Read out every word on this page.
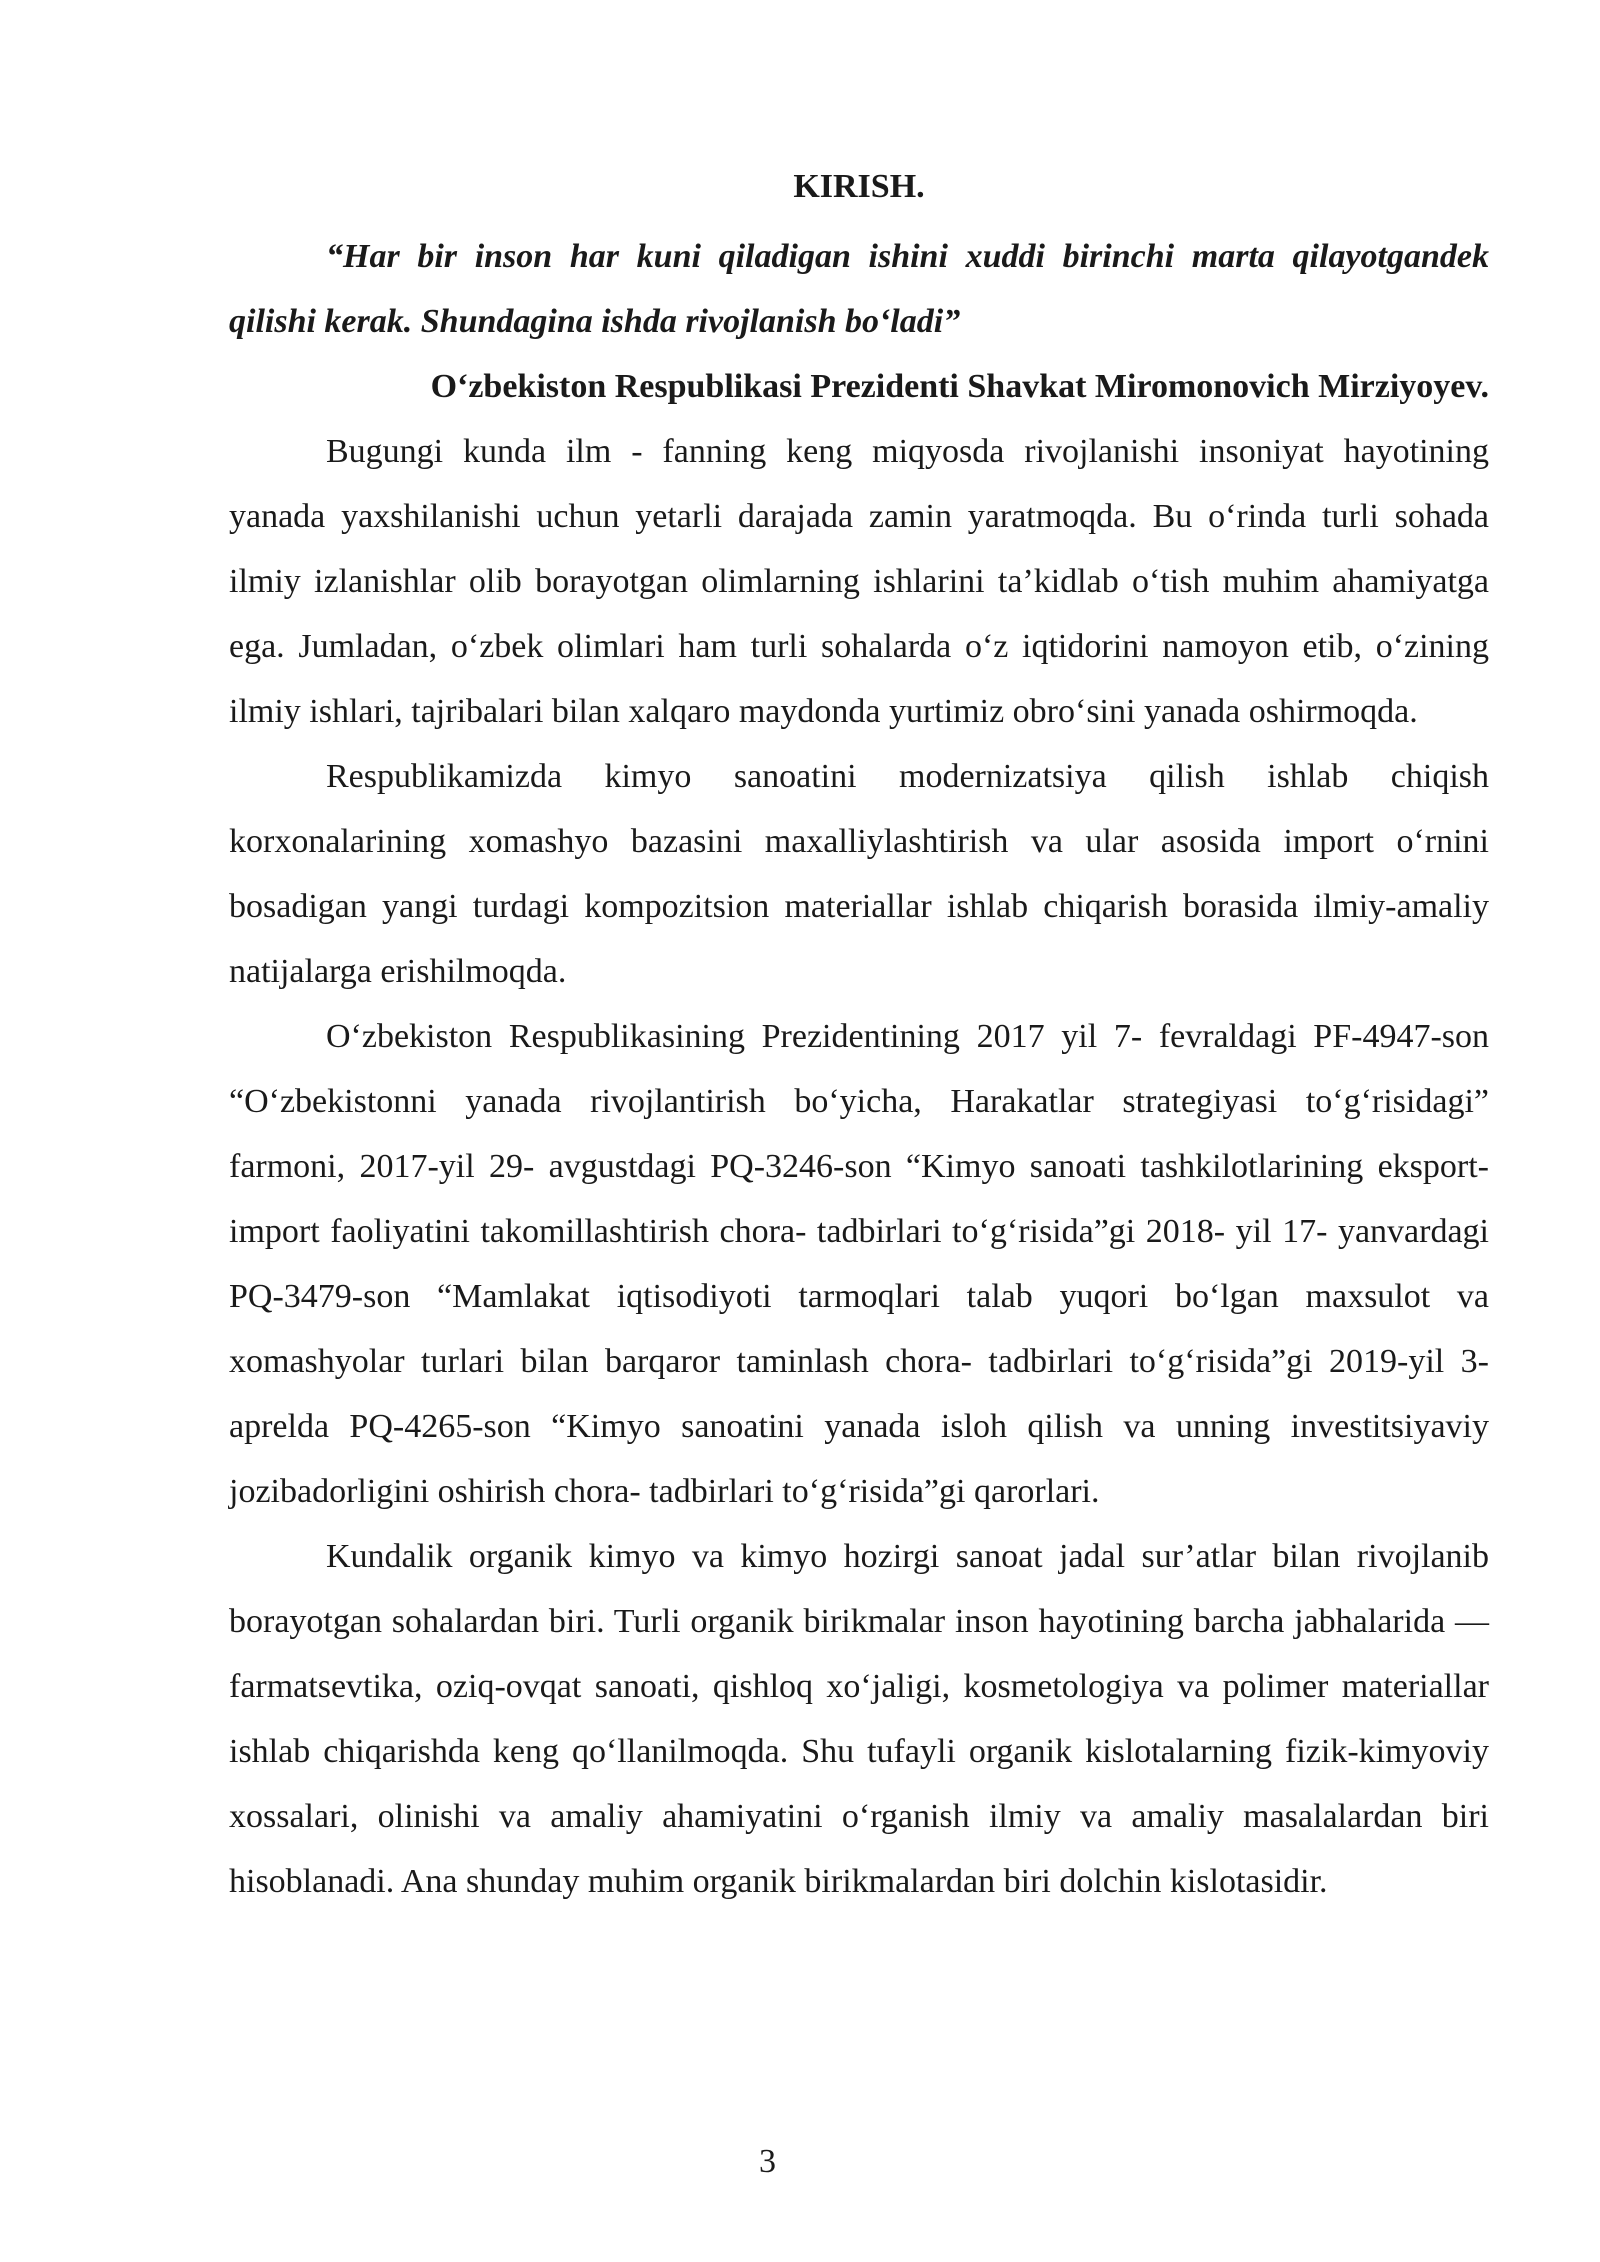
KIRISH.

“Har bir inson har kuni qiladigan ishini xuddi birinchi marta qilayotgandek qilishi kerak. Shundagina ishda rivojlanish bo‘ladi”

O‘zbekiston Respublikasi Prezidenti Shavkat Miromonovich Mirziyoyev.

Bugungi kunda ilm - fanning keng miqyosda rivojlanishi insoniyat hayotining yanada yaxshilanishi uchun yetarli darajada zamin yaratmoqda. Bu o‘rinda turli sohada ilmiy izlanishlar olib borayotgan olimlarning ishlarini ta’kidlab o‘tish muhim ahamiyatga ega. Jumladan, o‘zbek olimlari ham turli sohalarda o‘z iqtidorini namoyon etib, o‘zining ilmiy ishlari, tajribalari bilan xalqaro maydonda yurtimiz obro‘sini yanada oshirmoqda.

Respublikamizda kimyo sanoatini modernizatsiya qilish ishlab chiqish korxonalarining xomashyo bazasini maxalliylashtirish va ular asosida import o‘rnini bosadigan yangi turdagi kompozitsion materiallar ishlab chiqarish borasida ilmiy-amaliy natijalarga erishilmoqda.

O‘zbekiston Respublikasining Prezidentining 2017 yil 7- fevraldagi PF-4947-son “O‘zbekistonni yanada rivojlantirish bo‘yicha, Harakatlar strategiyasi to‘g‘risidagi” farmoni, 2017-yil 29- avgustdagi PQ-3246-son “Kimyo sanoati tashkilotlarining eksport-import faoliyatini takomillashtirish chora- tadbirlari to‘g‘risida”gi 2018- yil 17- yanvardagi PQ-3479-son “Mamlakat iqtisodiyoti tarmoqlari talab yuqori bo‘lgan maxsulot va xomashyolar turlari bilan barqaror taminlash chora- tadbirlari to‘g‘risida”gi 2019-yil 3-aprelda PQ-4265-son “Kimyo sanoatini yanada isloh qilish va unning investitsiyaviy jozibadorligini oshirish chora- tadbirlari to‘g‘risida”gi qarorlari.

Kundalik organik kimyo va kimyo hozirgi sanoat jadal sur’atlar bilan rivojlanib borayotgan sohalardan biri. Turli organik birikmalar inson hayotining barcha jabhalarida — farmatsevtika, oziq-ovqat sanoati, qishloq xo‘jaligi, kosmetologiya va polimer materiallar ishlab chiqarishda keng qo‘llanilmoqda. Shu tufayli organik kislotalarning fizik-kimyoviy xossalari, olinishi va amaliy ahamiyatini o‘rganish ilmiy va amaliy masalalardan biri hisoblanadi. Ana shunday muhim organik birikmalardan biri dolchin kislotasidir.

3
